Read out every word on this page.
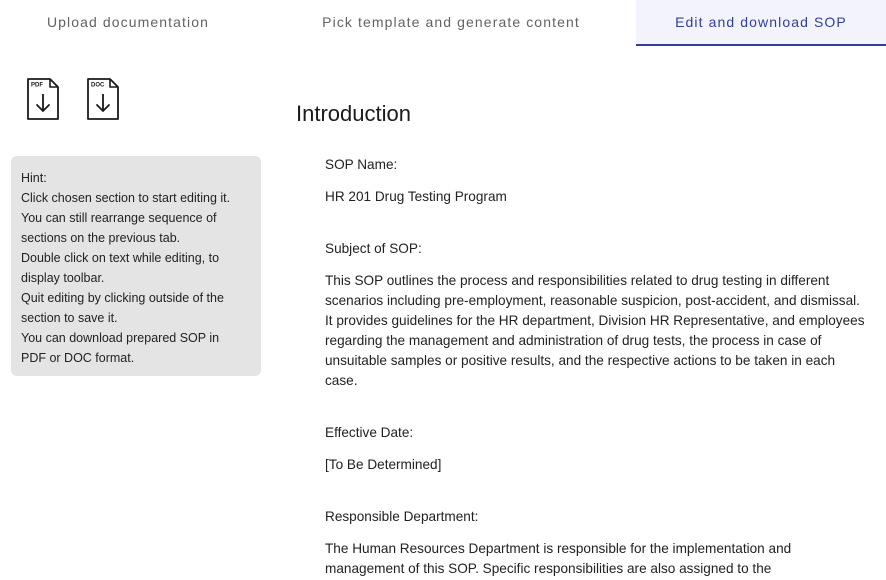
Upload documentation	Pick template and generate content	Edit and download SOP
PDF	DOC
Hint:
Click chosen section to start editing it.
You can still rearrange sequence of
sections on the previous tab.
Double click on text while editing, to
display toolbar.
Quit editing by clicking outside of the
section to save it.
You can download prepared SOP in
PDF or DOC format.
Introduction

SOP Name:

HR 201 Drug Testing Program

Subject of SOP:

This SOP outlines the process and responsibilities related to drug testing in different scenarios including pre-employment, reasonable suspicion, post-accident, and dismissal. It provides guidelines for the HR department, Division HR Representative, and employees regarding the management and administration of drug tests, the process in case of unsuitable samples or positive results, and the respective actions to be taken in each case.

Effective Date:

[To Be Determined]

Responsible Department:

The Human Resources Department is responsible for the implementation and management of this SOP. Specific responsibilities are also assigned to the
